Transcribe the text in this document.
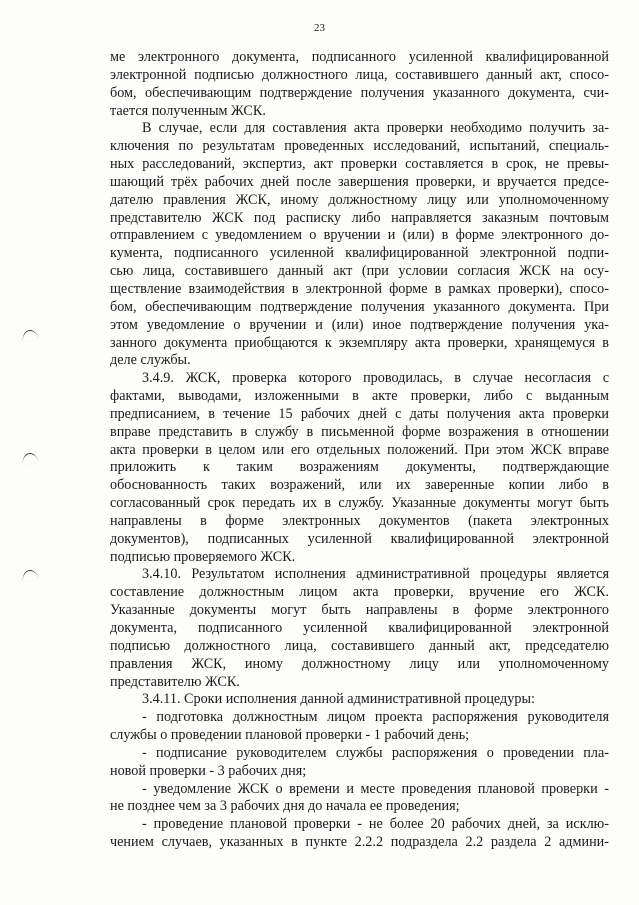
23
ме электронного документа, подписанного усиленной квалифицированной
электронной подписью должностного лица, составившего данный акт, спосо-
бом, обеспечивающим подтверждение получения указанного документа, счи-
тается полученным ЖСК.
В случае, если для составления акта проверки необходимо получить за-
ключения по результатам проведенных исследований, испытаний, специаль-
ных расследований, экспертиз, акт проверки составляется в срок, не превы-
шающий трёх рабочих дней после завершения проверки, и вручается предсе-
дателю правления ЖСК, иному должностному лицу или уполномоченному
представителю ЖСК под расписку либо направляется заказным почтовым
отправлением с уведомлением о вручении и (или) в форме электронного до-
кумента, подписанного усиленной квалифицированной электронной подпи-
сью лица, составившего данный акт (при условии согласия ЖСК на осу-
ществление взаимодействия в электронной форме в рамках проверки), спосо-
бом, обеспечивающим подтверждение получения указанного документа. При
этом уведомление о вручении и (или) иное подтверждение получения ука-
занного документа приобщаются к экземпляру акта проверки, хранящемуся в
деле службы.
3.4.9. ЖСК, проверка которого проводилась, в случае несогласия с
фактами, выводами, изложенными в акте проверки, либо с выданным
предписанием, в течение 15 рабочих дней с даты получения акта проверки
вправе представить в службу в письменной форме возражения в отношении
акта проверки в целом или его отдельных положений. При этом ЖСК вправе
приложить к таким возражениям документы, подтверждающие
обоснованность таких возражений, или их заверенные копии либо в
согласованный срок передать их в службу. Указанные документы могут быть
направлены в форме электронных документов (пакета электронных
документов), подписанных усиленной квалифицированной электронной
подписью проверяемого ЖСК.
3.4.10. Результатом исполнения административной процедуры является
составление должностным лицом акта проверки, вручение его ЖСК.
Указанные документы могут быть направлены в форме электронного
документа, подписанного усиленной квалифицированной электронной
подписью должностного лица, составившего данный акт, председателю
правления ЖСК, иному должностному лицу или уполномоченному
представителю ЖСК.
3.4.11. Сроки исполнения данной административной процедуры:
- подготовка должностным лицом проекта распоряжения руководителя
службы о проведении плановой проверки - 1 рабочий день;
- подписание руководителем службы распоряжения о проведении пла-
новой проверки - 3 рабочих дня;
- уведомление ЖСК о времени и месте проведения плановой проверки -
не позднее чем за 3 рабочих дня до начала ее проведения;
- проведение плановой проверки - не более 20 рабочих дней, за исклю-
чением случаев, указанных в пункте 2.2.2 подраздела 2.2 раздела 2 админи-
